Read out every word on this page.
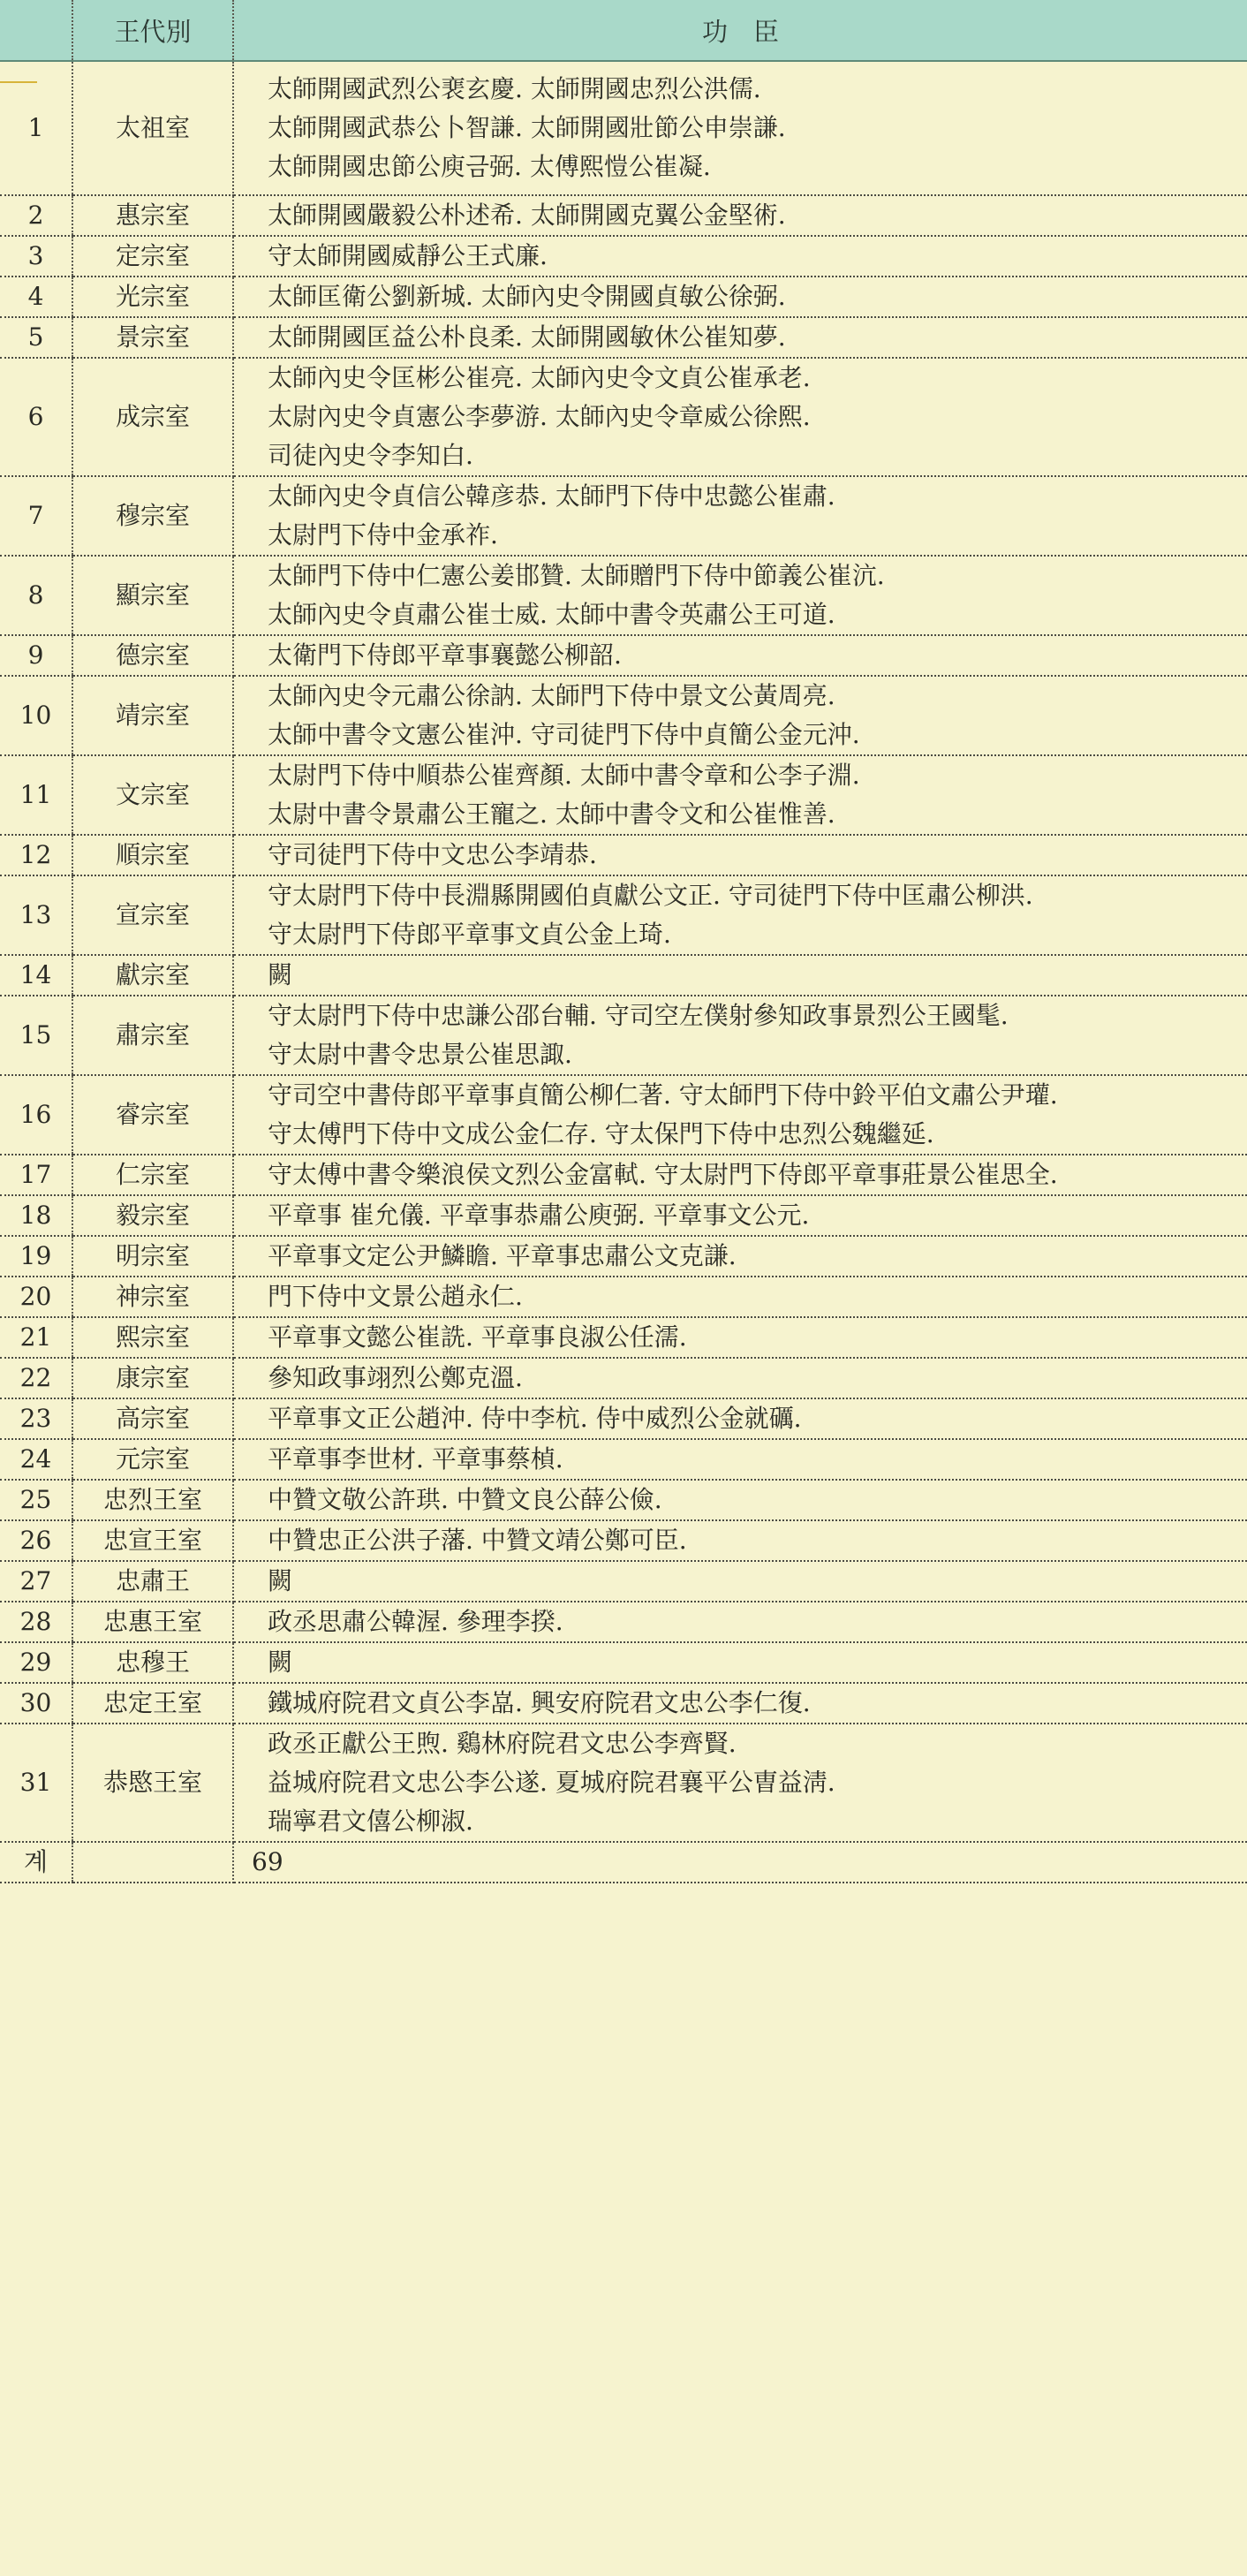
	王代別	功　臣
1	太祖室	太師開國武烈公裵玄慶. 太師開國忠烈公洪儒.
太師開國武恭公卜智謙. 太師開國壯節公申崇謙.
太師開國忠節公庾금弼. 太傅熙愷公崔凝.

2	惠宗室	太師開國嚴毅公朴述希. 太師開國克翼公金堅術.

3	定宗室	守太師開國威靜公王式廉.

4	光宗室	太師匡衛公劉新城. 太師內史令開國貞敏公徐弼.

5	景宗室	太師開國匡益公朴良柔. 太師開國敏休公崔知夢.

6	成宗室	太師內史令匡彬公崔亮. 太師內史令文貞公崔承老.
太尉內史令貞憲公李夢游. 太師內史令章威公徐熙.
司徒內史令李知白.

7	穆宗室	太師內史令貞信公韓彦恭. 太師門下侍中忠懿公崔肅.
太尉門下侍中金承祚.

8	顯宗室	太師門下侍中仁憲公姜邯贊. 太師贈門下侍中節義公崔沆.
太師內史令貞肅公崔士威. 太師中書令英肅公王可道.

9	德宗室	太衛門下侍郎平章事襄懿公柳韶.

10	靖宗室	太師內史令元肅公徐訥. 太師門下侍中景文公黃周亮.
太師中書令文憲公崔沖. 守司徒門下侍中貞簡公金元沖.

11	文宗室	太尉門下侍中順恭公崔齊顏. 太師中書令章和公李子淵.
太尉中書令景肅公王寵之. 太師中書令文和公崔惟善.

12	順宗室	守司徒門下侍中文忠公李靖恭.

13	宣宗室	守太尉門下侍中長淵縣開國伯貞獻公文正. 守司徒門下侍中匡肅公柳洪.
守太尉門下侍郎平章事文貞公金上琦.

14	獻宗室	闕

15	肅宗室	守太尉門下侍中忠謙公邵台輔. 守司空左僕射參知政事景烈公王國髦.
守太尉中書令忠景公崔思諏.

16	睿宗室	守司空中書侍郎平章事貞簡公柳仁著. 守太師門下侍中鈴平伯文肅公尹瓘.
守太傅門下侍中文成公金仁存. 守太保門下侍中忠烈公魏繼延.

17	仁宗室	守太傅中書令樂浪侯文烈公金富軾. 守太尉門下侍郎平章事莊景公崔思全.

18	毅宗室	平章事 崔允儀. 平章事恭肅公庾弼. 平章事文公元.

19	明宗室	平章事文定公尹鱗瞻. 平章事忠肅公文克謙.

20	神宗室	門下侍中文景公趙永仁.

21	熙宗室	平章事文懿公崔詵. 平章事良淑公任濡.

22	康宗室	參知政事翊烈公鄭克溫.

23	高宗室	平章事文正公趙沖. 侍中李杭. 侍中威烈公金就礪.

24	元宗室	平章事李世材. 平章事蔡楨.

25	忠烈王室	中贊文敬公許珙. 中贊文良公薛公儉.

26	忠宣王室	中贊忠正公洪子藩. 中贊文靖公鄭可臣.

27	忠肅王	闕

28	忠惠王室	政丞思肅公韓渥. 參理李揆.

29	忠穆王	闕

30	忠定王室	鐵城府院君文貞公李嵓. 興安府院君文忠公李仁復.

31	恭愍王室	政丞正獻公王煦. 鷄林府院君文忠公李齊賢.
益城府院君文忠公李公遂. 夏城府院君襄平公曺益淸.
瑞寧君文僖公柳淑.

계		69
